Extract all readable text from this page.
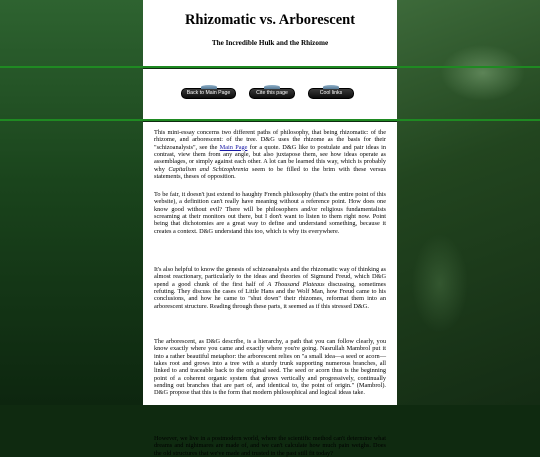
Rhizomatic vs. Arborescent
The Incredible Hulk and the Rhizome
Back to Main Page	Cite this page	Cool links

This mini-essay concerns two different paths of philosophy, that being rhizomatic: of the rhizome, and arborescent: of the tree. D&G uses the rhizome as the basis for their "schizoanalysis", see the Main Page for a quote. D&G like to postulate and pair ideas in contrast, view them from any angle, but also juxtapose them, see how ideas operate as assemblages, or simply against each other. A lot can be learned this way, which is probably why Capitalism and Schizophrenia seem to be filled to the brim with these versus statements, theses of opposition.

To be fair, it doesn't just extend to haughty French philosophy (that's the entire point of this website), a definition can't really have meaning without a reference point. How does one know good without evil? There will be philosophers and/or religious fundamentalists screaming at their monitors out there, but I don't want to listen to them right now. Point being that dichotomies are a great way to define and understand something, because it creates a context. D&G understand this too, which is why its everywhere.

It's also helpful to know the genesis of schizoanalysis and the rhizomatic way of thinking as almost reactionary, particularly to the ideas and theories of Sigmund Freud, which D&G spend a good chunk of the first half of A Thousand Plateaus discussing, sometimes refuting. They discuss the cases of Little Hans and the Wolf Man, how Freud came to his conclusions, and how he came to "shut down" their rhizomes, reformat them into an arborescent structure. Reading through these parts, it seemed as if this stressed D&G.

The arborescent, as D&G describe, is a hierarchy, a path that you can follow clearly, you know exactly where you came and exactly where you're going. Nasrullah Mambrol put it into a rather beautiful metaphor: the arborescent relies on "a small idea—a seed or acorn—takes root and grows into a tree with a sturdy trunk supporting numerous branches, all linked to and traceable back to the original seed. The seed or acorn thus is the beginning point of a coherent organic system that grows vertically and progressively, continually sending out branches that are part of, and identical to, the point of origin." (Mambrol). D&G propose that this is the form that modern philosophical and logical ideas take.

However, we live in a postmodern world, where the scientific method can't determine what dreams and nightmares are made of, and we can't calculate how much pain weighs. Does the old structures that we've made and trusted in the past still fit today?
